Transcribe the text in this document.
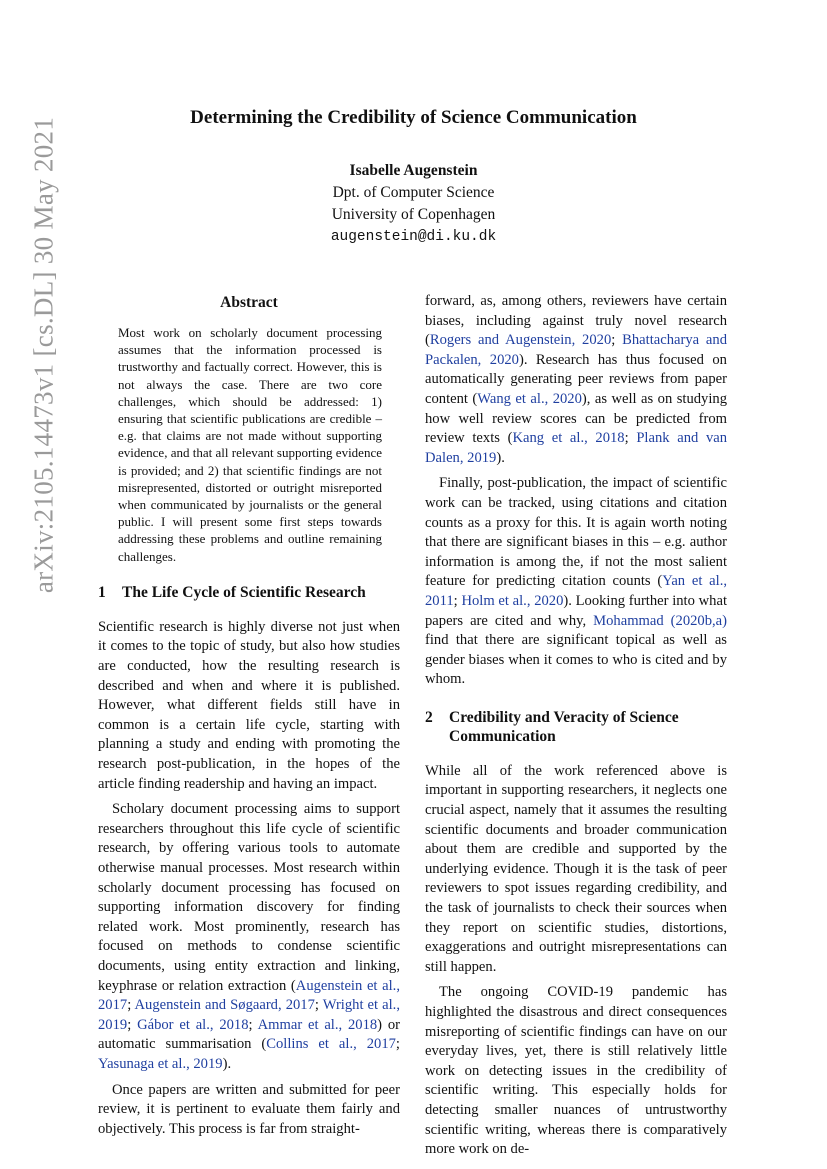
arXiv:2105.14473v1 [cs.DL] 30 May 2021	Determining the Credibility of Science Communication
Isabelle Augenstein
Dpt. of Computer Science
University of Copenhagen
augenstein@di.ku.dk
Abstract

Most work on scholarly document processing assumes that the information processed is trustworthy and factually correct. However, this is not always the case. There are two core challenges, which should be addressed: 1) ensuring that scientific publications are credible – e.g. that claims are not made without supporting evidence, and that all relevant supporting evidence is provided; and 2) that scientific findings are not misrepresented, distorted or outright misreported when communicated by journalists or the general public. I will present some first steps towards addressing these problems and outline remaining challenges.

1	The Life Cycle of Scientific Research

Scientific research is highly diverse not just when it comes to the topic of study, but also how studies are conducted, how the resulting research is described and when and where it is published. However, what different fields still have in common is a certain life cycle, starting with planning a study and ending with promoting the research post-publication, in the hopes of the article finding readership and having an impact.

Scholary document processing aims to support researchers throughout this life cycle of scientific research, by offering various tools to automate otherwise manual processes. Most research within scholarly document processing has focused on supporting information discovery for finding related work. Most prominently, research has focused on methods to condense scientific documents, using entity extraction and linking, keyphrase or relation extraction (Augenstein et al., 2017; Augenstein and Søgaard, 2017; Wright et al., 2019; Gábor et al., 2018; Ammar et al., 2018) or automatic summarisation (Collins et al., 2017; Yasunaga et al., 2019).

Once papers are written and submitted for peer review, it is pertinent to evaluate them fairly and objectively. This process is far from straight-

forward, as, among others, reviewers have certain biases, including against truly novel research (Rogers and Augenstein, 2020; Bhattacharya and Packalen, 2020). Research has thus focused on automatically generating peer reviews from paper content (Wang et al., 2020), as well as on studying how well review scores can be predicted from review texts (Kang et al., 2018; Plank and van Dalen, 2019).

Finally, post-publication, the impact of scientific work can be tracked, using citations and citation counts as a proxy for this. It is again worth noting that there are significant biases in this – e.g. author information is among the, if not the most salient feature for predicting citation counts (Yan et al., 2011; Holm et al., 2020). Looking further into what papers are cited and why, Mohammad (2020b,a) find that there are significant topical as well as gender biases when it comes to who is cited and by whom.

2	Credibility and Veracity of Science Communication

While all of the work referenced above is important in supporting researchers, it neglects one crucial aspect, namely that it assumes the resulting scientific documents and broader communication about them are credible and supported by the underlying evidence. Though it is the task of peer reviewers to spot issues regarding credibility, and the task of journalists to check their sources when they report on scientific studies, distortions, exaggerations and outright misrepresentations can still happen.

The ongoing COVID-19 pandemic has highlighted the disastrous and direct consequences misreporting of scientific findings can have on our everyday lives, yet, there is still relatively little work on detecting issues in the credibility of scientific writing. This especially holds for detecting smaller nuances of untrustworthy scientific writing, whereas there is comparatively more work on de-
